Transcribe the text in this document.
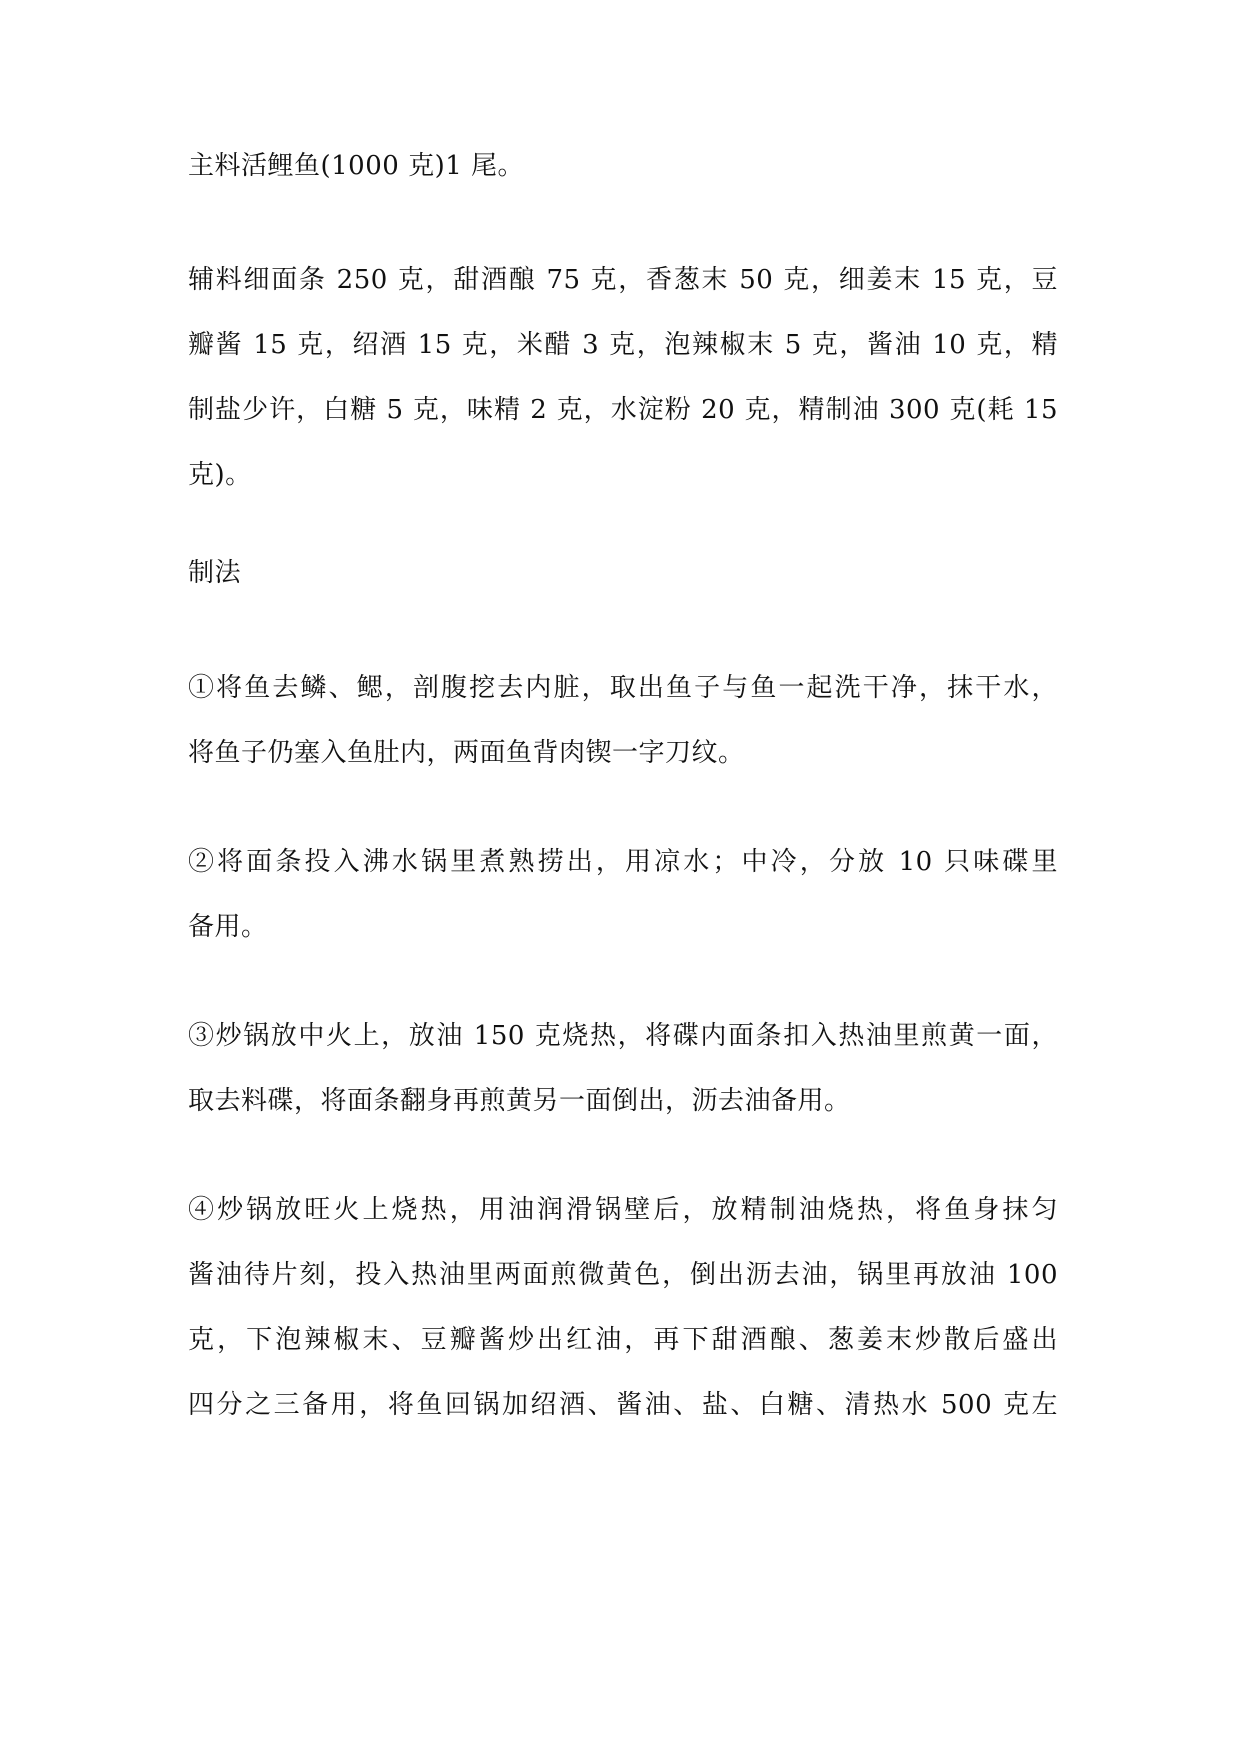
主料活鲤鱼(1000 克)1 尾。

辅料细面条 250 克，甜酒酿 75 克，香葱末 50 克，细姜末 15 克，豆
瓣酱 15 克，绍酒 15 克，米醋 3 克，泡辣椒末 5 克，酱油 10 克，精
制盐少许，白糖 5 克，味精 2 克，水淀粉 20 克，精制油 300 克(耗 15
克)。

制法

①将鱼去鳞、鳃，剖腹挖去内脏，取出鱼子与鱼一起洗干净，抹干水，
将鱼子仍塞入鱼肚内，两面鱼背肉锲一字刀纹。

②将面条投入沸水锅里煮熟捞出，用凉水；中冷，分放 10 只味碟里
备用。

③炒锅放中火上，放油 150 克烧热，将碟内面条扣入热油里煎黄一面，
取去料碟，将面条翻身再煎黄另一面倒出，沥去油备用。

④炒锅放旺火上烧热，用油润滑锅壁后，放精制油烧热，将鱼身抹匀
酱油待片刻，投入热油里两面煎微黄色，倒出沥去油，锅里再放油 100
克，下泡辣椒末、豆瓣酱炒出红油，再下甜酒酿、葱姜末炒散后盛出
四分之三备用，将鱼回锅加绍酒、酱油、盐、白糖、清热水 500 克左
